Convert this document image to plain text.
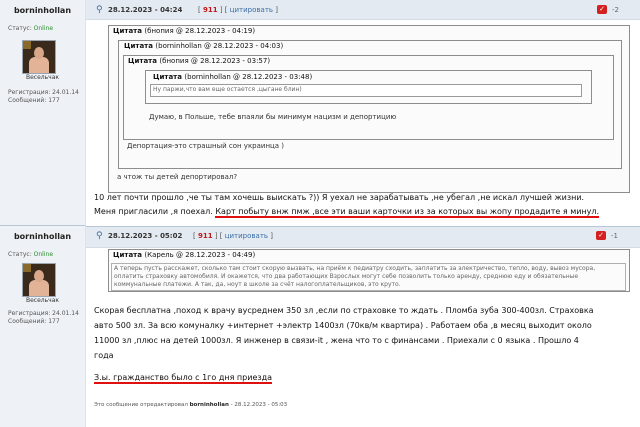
borninhollan
Статус: Online
Весельчак
Регистрация: 24.01.14
Сообщений: 177
⚲ 28.12.2023 - 04:24 [ 911 ] [ цитировать ]	✓ -2
Цитата (бнопия @ 28.12.2023 - 04:19)
Цитата (borninhollan @ 28.12.2023 - 04:03)
Цитата (бнопия @ 28.12.2023 - 03:57)
Цитата (borninhollan @ 28.12.2023 - 03:48)
Ну паржи,что вам еще остается ,цыгане блин)
Думаю, в Польше, тебе впаяли бы минимум нацизм и депортицию
Депортация-это страшный сон украинца )
а чтож ты детей депортировал?
10 лет почти прошло ,че ты там хочешь выискать ?)) Я уехал не зарабатывать ,не убегал ,не искал лучшей жизни.
Меня пригласили ,я поехал. Карт побыту внж пмж ,все эти ваши карточки из за которых вы жопу продадите я минул.
borninhollan
Статус: Online
Весельчак
Регистрация: 24.01.14
Сообщений: 177
⚲ 28.12.2023 - 05:02 [ 911 ] [ цитировать ]	✓ -1
Цитата (Карель @ 28.12.2023 - 04:49)
А теперь пусть расскажет, сколько там стоит скорую вызвать, на приём к педиатру сходить, заплатить за электричество, тепло, воду, вывоз мусора, оплатить страховку автомобиля. И окажется, что два работающих Взрослых могут себе позволить только аренду, среднюю еду и обязательные коммунальные платежи. А так, да, ноут в школе за счёт налогоплательщиков, это круто.
Скорая бесплатна ,поход к врачу вусреднем 350 зл ,если по страховке то ждать . Пломба зуба 300-400зл. Страховка
авто 500 зл. За всю комуналку +интернет +электр 1400зл (70кв/м квартира) . Работаем оба ,в месяц выходит около
11000 зл ,плюс на детей 1000зл. Я инженер в связи-it , жена что то с финансами . Приехали с 0 языка . Прошло 4
года
З.ы. гражданство было с 1го дня приезда
Это сообщение отредактировал borninhollan - 28.12.2023 - 05:03
